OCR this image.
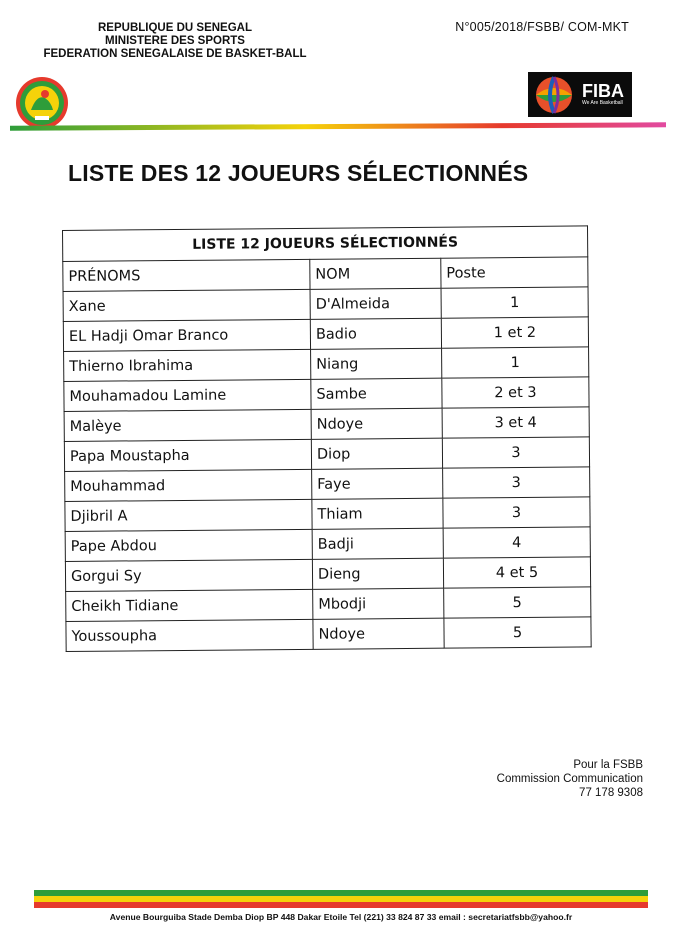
REPUBLIQUE DU SENEGAL
MINISTERE DES SPORTS
FEDERATION SENEGALAISE DE BASKET-BALL
N°005/2018/FSBB/ COM-MKT
FIBA
We Are Basketball
LISTE DES 12 JOUEURS SÉLECTIONNÉS
LISTE 12 JOUEURS SÉLECTIONNÉS		
PRÉNOMS	NOM	Poste
Xane	D'Almeida	1
EL Hadji Omar Branco	Badio	1 et 2
Thierno Ibrahima	Niang	1
Mouhamadou Lamine	Sambe	2 et 3
Malèye	Ndoye	3 et 4
Papa Moustapha	Diop	3
Mouhammad	Faye	3
Djibril A	Thiam	3
Pape Abdou	Badji	4
Gorgui Sy	Dieng	4 et 5
Cheikh Tidiane	Mbodji	5
Youssoupha	Ndoye	5
Pour la FSBB
Commission Communication
77 178 9308
Avenue Bourguiba Stade Demba Diop BP 448 Dakar Etoile Tel (221) 33 824 87 33 email : secretariatfsbb@yahoo.fr
